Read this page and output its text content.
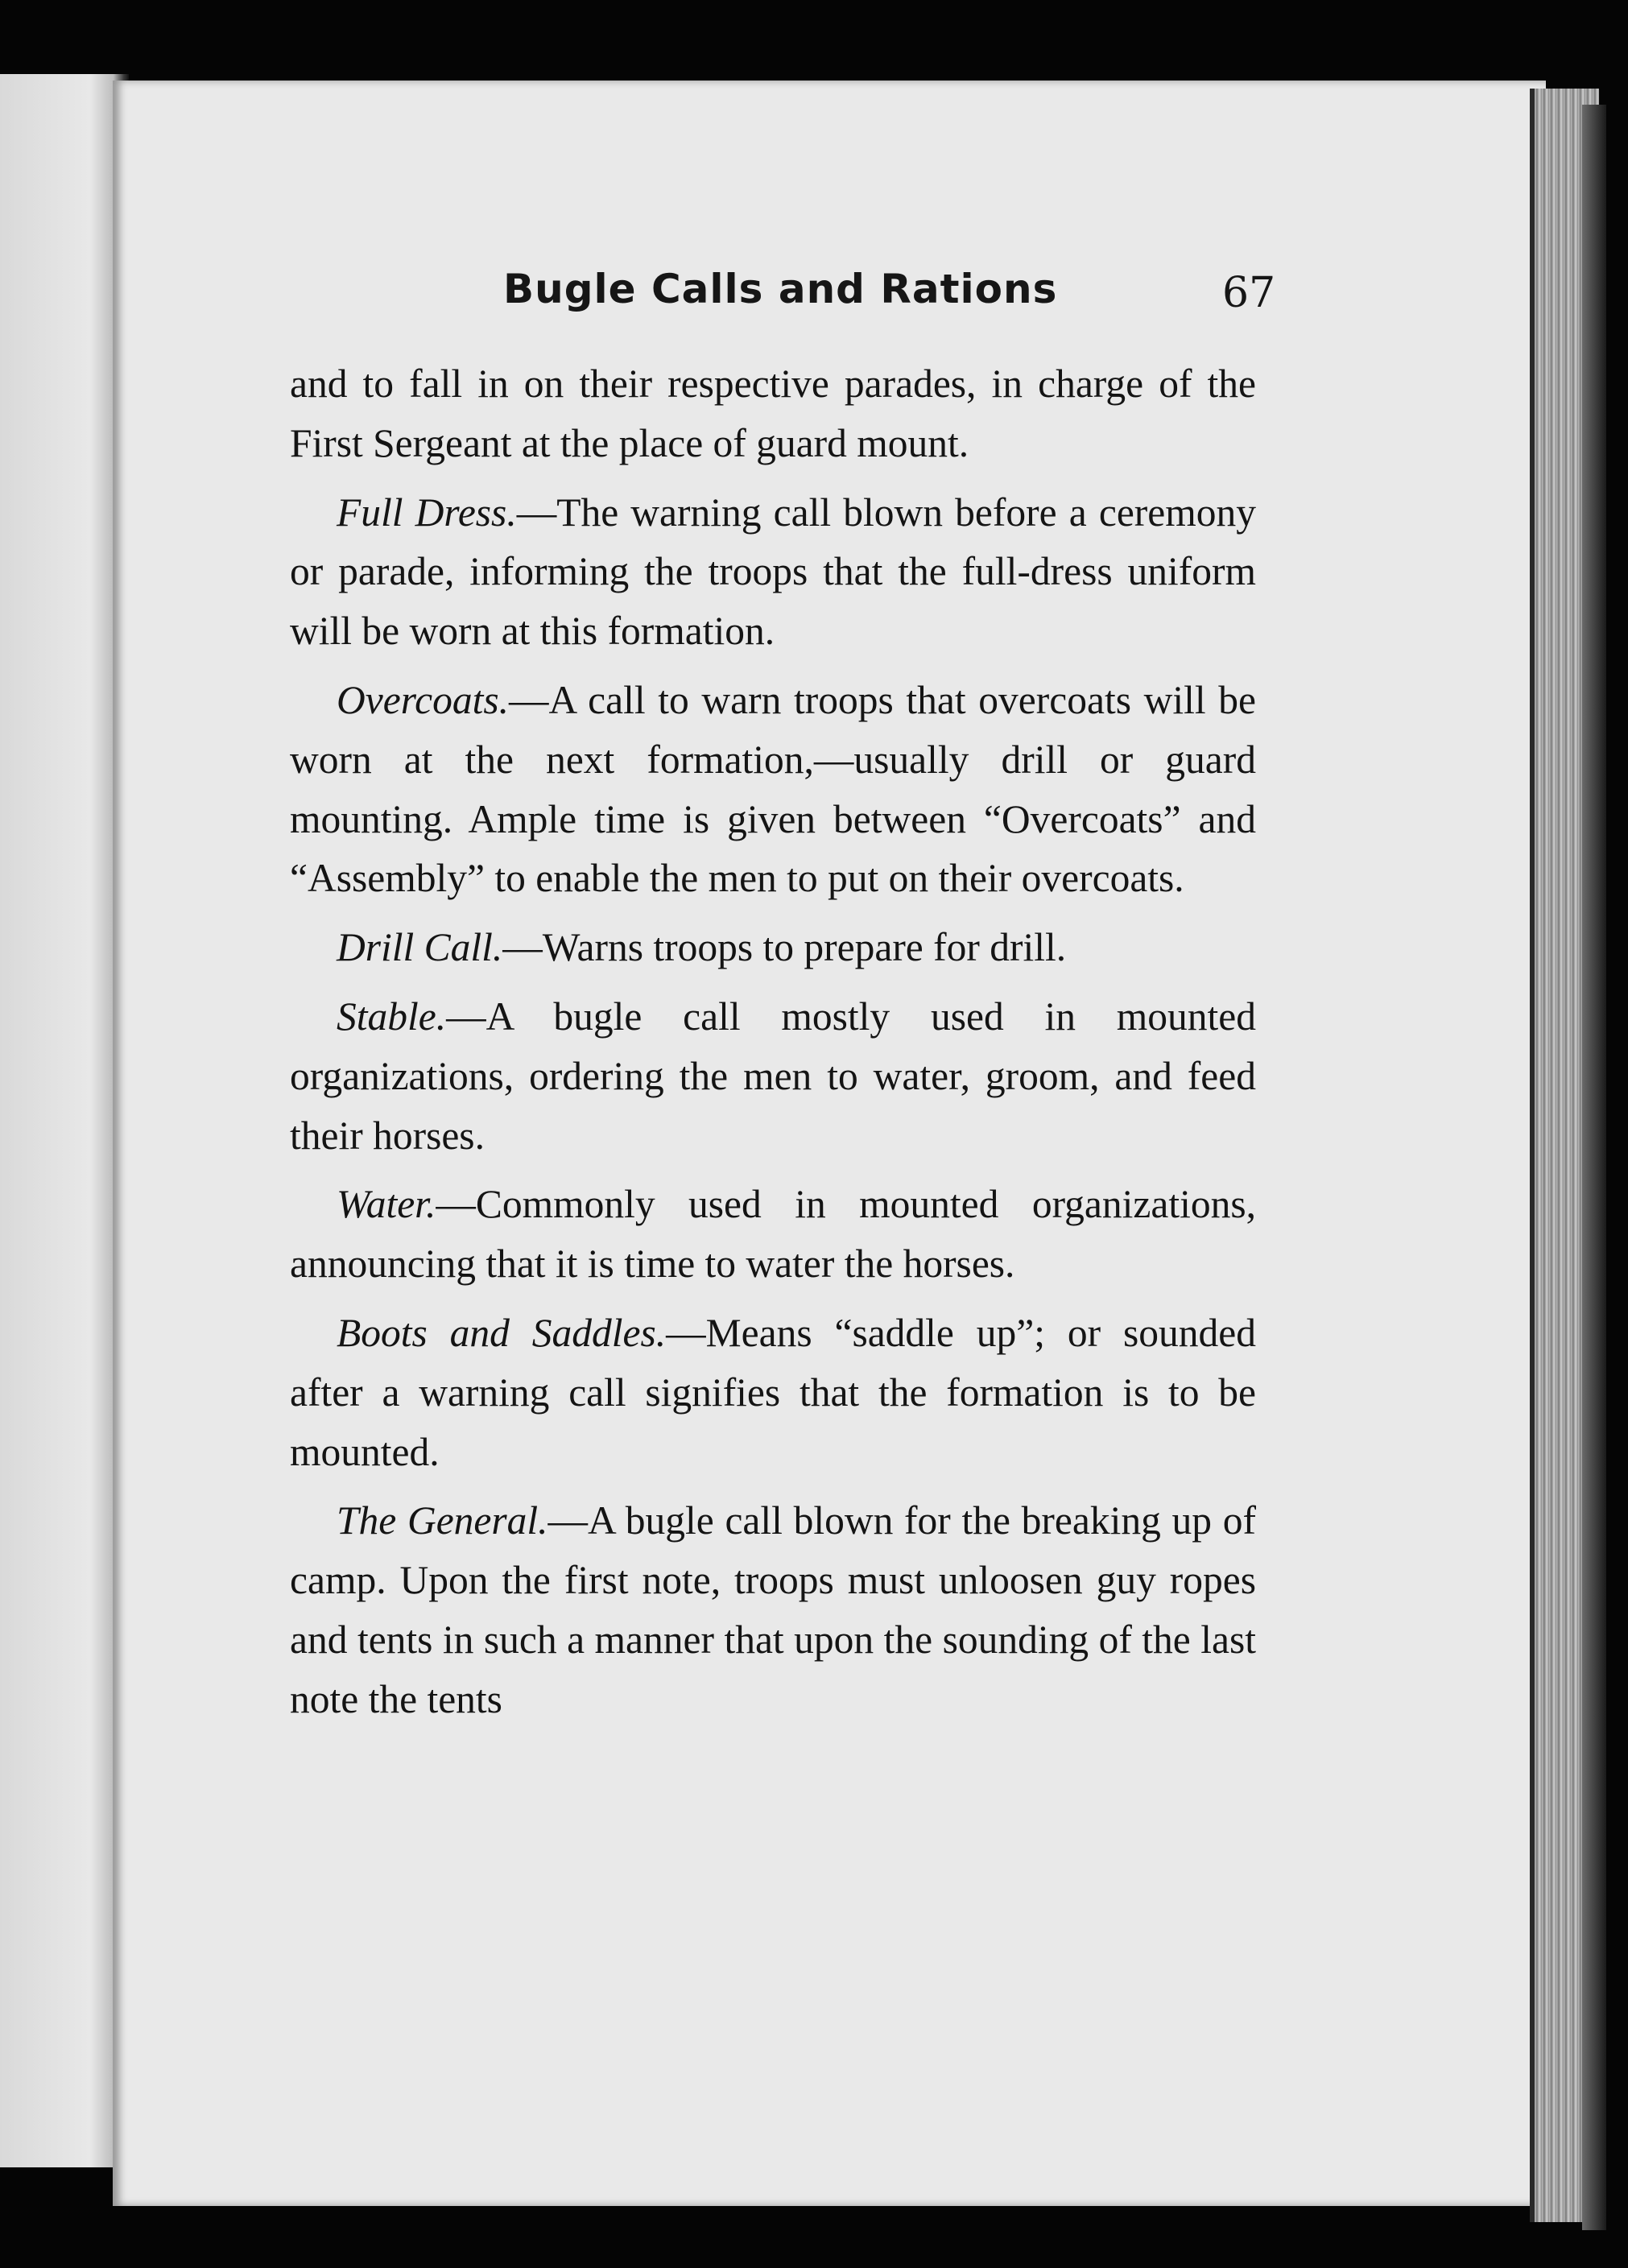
Bugle Calls and Rations	67

and to fall in on their respective parades, in charge of the First Sergeant at the place of guard mount.

Full Dress.—The warning call blown before a ceremony or parade, informing the troops that the full-dress uniform will be worn at this formation.

Overcoats.—A call to warn troops that overcoats will be worn at the next formation,—usually drill or guard mounting. Ample time is given between “Overcoats” and “Assembly” to enable the men to put on their overcoats.

Drill Call.—Warns troops to prepare for drill.

Stable.—A bugle call mostly used in mounted organizations, ordering the men to water, groom, and feed their horses.

Water.—Commonly used in mounted organizations, announcing that it is time to water the horses.

Boots and Saddles.—Means “saddle up”; or sounded after a warning call signifies that the formation is to be mounted.

The General.—A bugle call blown for the breaking up of camp. Upon the first note, troops must unloosen guy ropes and tents in such a manner that upon the sounding of the last note the tents
